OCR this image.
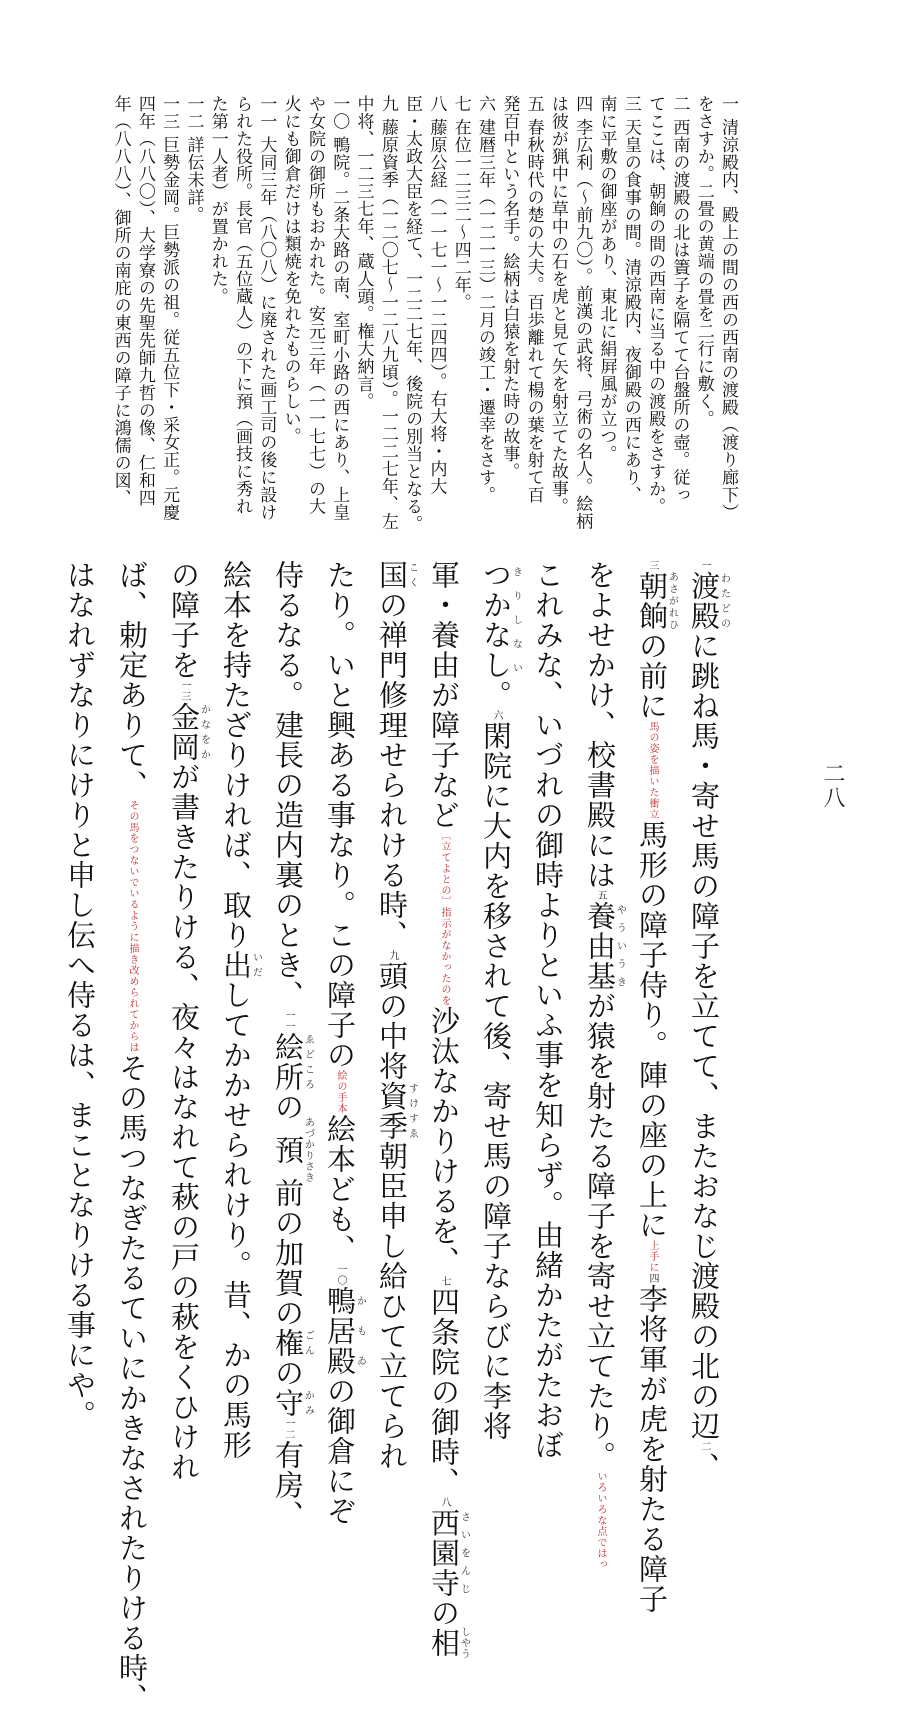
二八
一 清涼殿内、殿上の間の西の西南の渡殿（渡り廊下）
をさすか。二畳の黄端の畳を二行に敷く。
二 西南の渡殿の北は簀子を隔てて台盤所の壺。従っ
てここは、朝餉の間の西南に当る中の渡殿をさすか。
三 天皇の食事の間。清涼殿内、夜御殿の西にあり、
南に平敷の御座があり、東北に絹屛風が立つ。
四 李広利（～前九〇）。前漢の武将、弓術の名人。絵柄
は彼が猟中に草中の石を虎と見て矢を射立てた故事。
五 春秋時代の楚の大夫。百歩離れて楊の葉を射て百
発百中という名手。絵柄は白猿を射た時の故事。
六 建暦三年（一二一三）二月の竣工・遷幸をさす。
七 在位一二三二～四二年。
八 藤原公経（一一七一～一二四四）。右大将・内大
臣・太政大臣を経て、一二二七年、後院の別当となる。
九 藤原資季（一二〇七～一二八九頃）。一二二七年、左
中将、一二三七年、蔵人頭。権大納言。
一〇 鴨院。二条大路の南、室町小路の西にあり、上皇
や女院の御所もおかれた。安元三年（一一七七）の大
火にも御倉だけは類焼を免れたものらしい。
一一 大同三年（八〇八）に廃された画工司の後に設け
られた役所。長官（五位蔵人）の下に預（画技に秀れ
た第一人者）が置かれた。
一二 詳伝未詳。
一三 巨勢金岡。巨勢派の祖。従五位下・采女正。元慶
四年（八八〇）、大学寮の先聖先師九哲の像、仁和四
年（八八八）、御所の南庇の東西の障子に鴻儒の図、
一渡殿わたどのに跳ね馬・寄せ馬の障子を立てて、またおなじ渡殿の北の辺二、
三朝餉あさがれひの前に馬の姿を描いた衝立馬形の障子侍り。陣の座の上に上手に四李将軍が虎を射たる障子
をよせかけ、校書殿には五養由基やういうきが猿を射たる障子を寄せ立てたり。いろいろな点ではっ
これみな、いづれの御時よりといふ事を知らず。由緒かたがたおぼ
つかなしきりしない。六閑院に大内を移されて後、寄せ馬の障子ならびに李将
軍・養由が障子など〔立てよとの〕指示がなかったのを沙汰なかりけるを、七四条院の御時、八西園寺さいをんじの相しやう
国こくの禅門修理せられける時、九頭の中将資季すけすゑ朝臣申し給ひて立てられ
たり。いと興ある事なり。この障子の絵の手本絵本ども、一〇鴨居殿かもゐの御倉にぞ
侍るなる。建長の造内裏のとき、一一絵所ゑどころの預あづかりさき前の加賀の権ごんの守かみ一二有房、
絵本を持たざりければ、取り出いだしてかかせられけり。昔、かの馬形
の障子を一三金岡かなをかが書きたりける、夜々はなれて萩の戸の萩をくひけれ
ば、勅定ありて、その馬をつないでいるように描き改められてからはその馬つなぎたるていにかきなされたりける時、
はなれずなりにけりと申し伝へ侍るは、まことなりける事にや。
